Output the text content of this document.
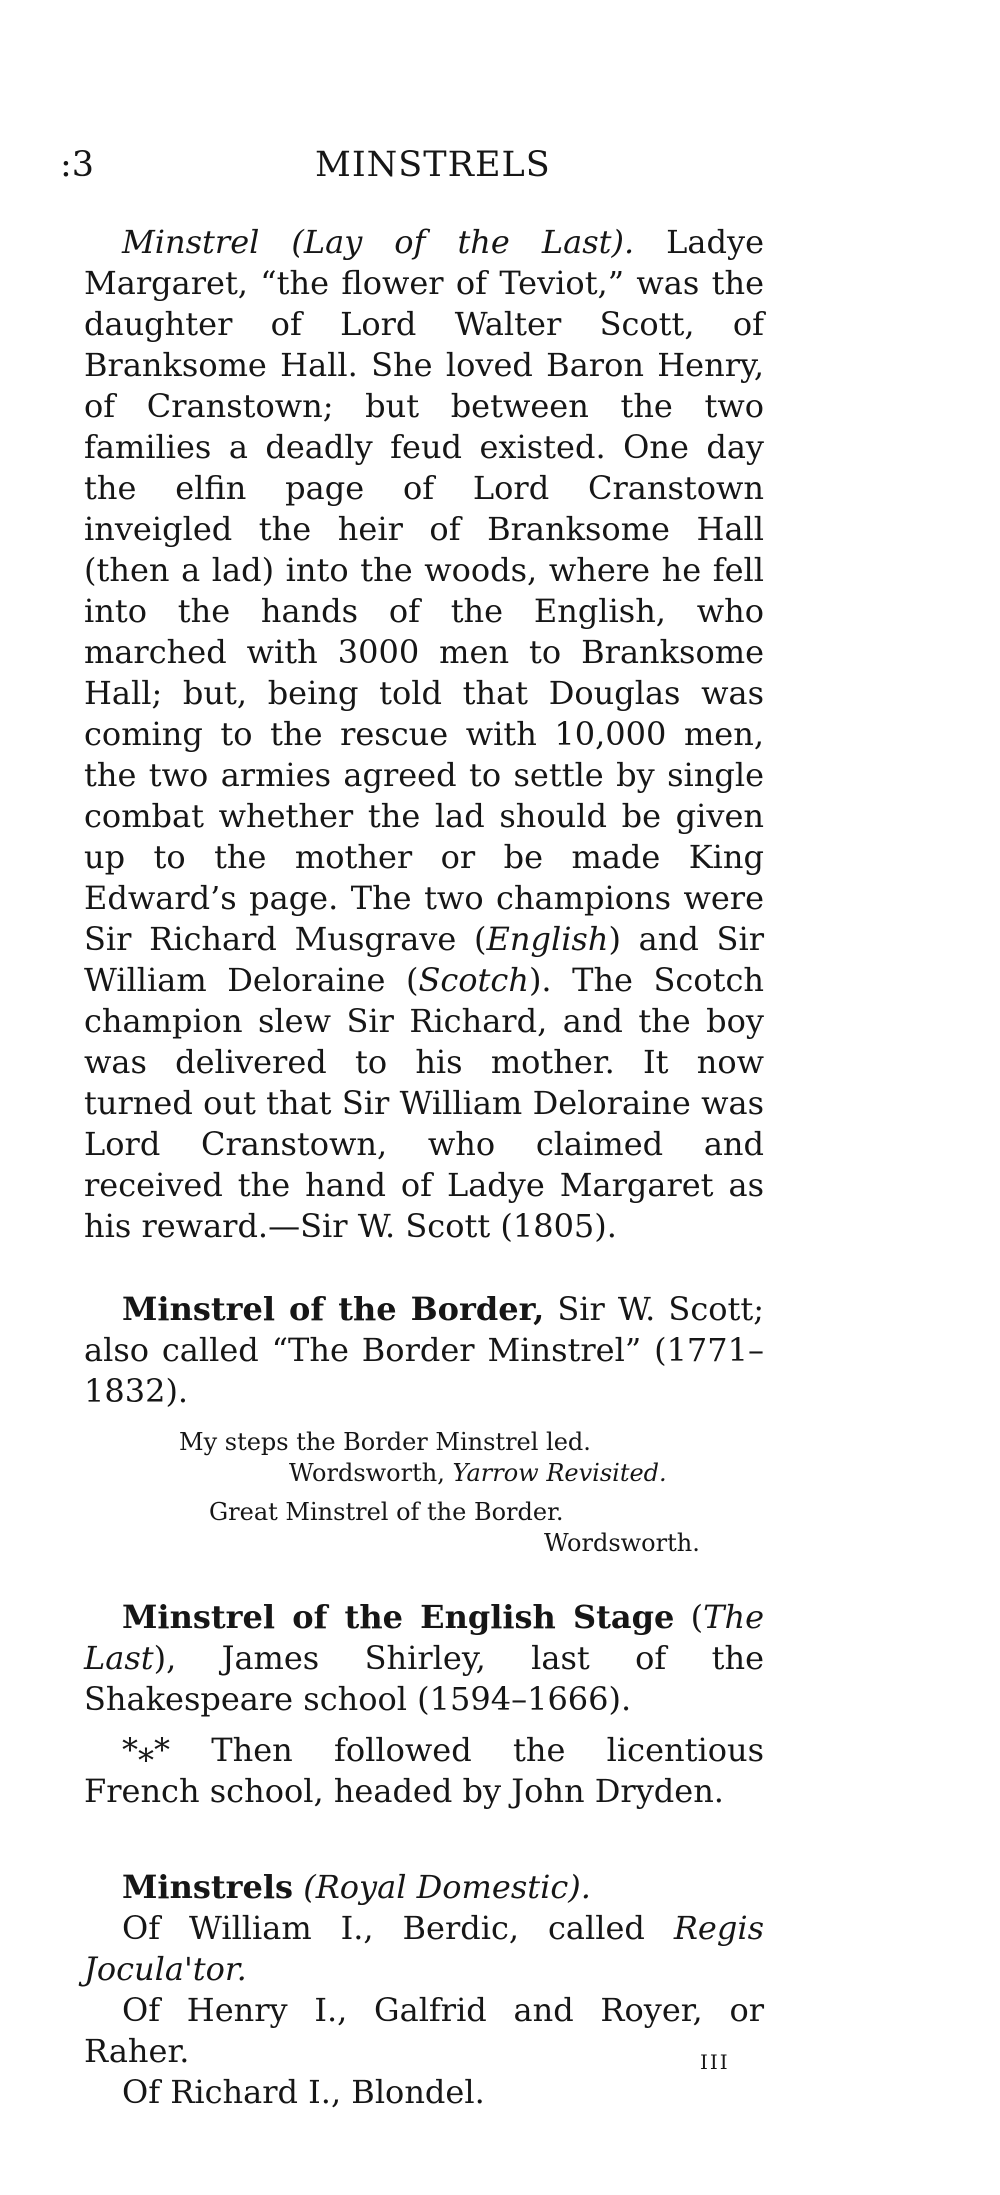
:3	MINSTRELS

Minstrel (Lay of the Last). Ladye Margaret, “the flower of Teviot,” was the daughter of Lord Walter Scott, of Branksome Hall. She loved Baron Henry, of Cranstown; but between the two families a deadly feud existed. One day the elfin page of Lord Cranstown inveigled the heir of Branksome Hall (then a lad) into the woods, where he fell into the hands of the English, who marched with 3000 men to Branksome Hall; but, being told that Douglas was coming to the rescue with 10,000 men, the two armies agreed to settle by single combat whether the lad should be given up to the mother or be made King Edward’s page. The two champions were Sir Richard Musgrave (English) and Sir William Deloraine (Scotch). The Scotch champion slew Sir Richard, and the boy was delivered to his mother. It now turned out that Sir William Deloraine was Lord Cranstown, who claimed and received the hand of Ladye Margaret as his reward.—Sir W. Scott (1805).

Minstrel of the Border, Sir W. Scott; also called “The Border Minstrel” (1771–1832).

My steps the Border Minstrel led.
Wordsworth, Yarrow Revisited.
Great Minstrel of the Border.
Wordsworth.

Minstrel of the English Stage (The Last), James Shirley, last of the Shakespeare school (1594–1666).

*⁎* Then followed the licentious French school, headed by John Dryden.

Minstrels (Royal Domestic).

Of William I., Berdic, called Regis Jocula'tor.

Of Henry I., Galfrid and Royer, or Raher.

Of Richard I., Blondel.

III
